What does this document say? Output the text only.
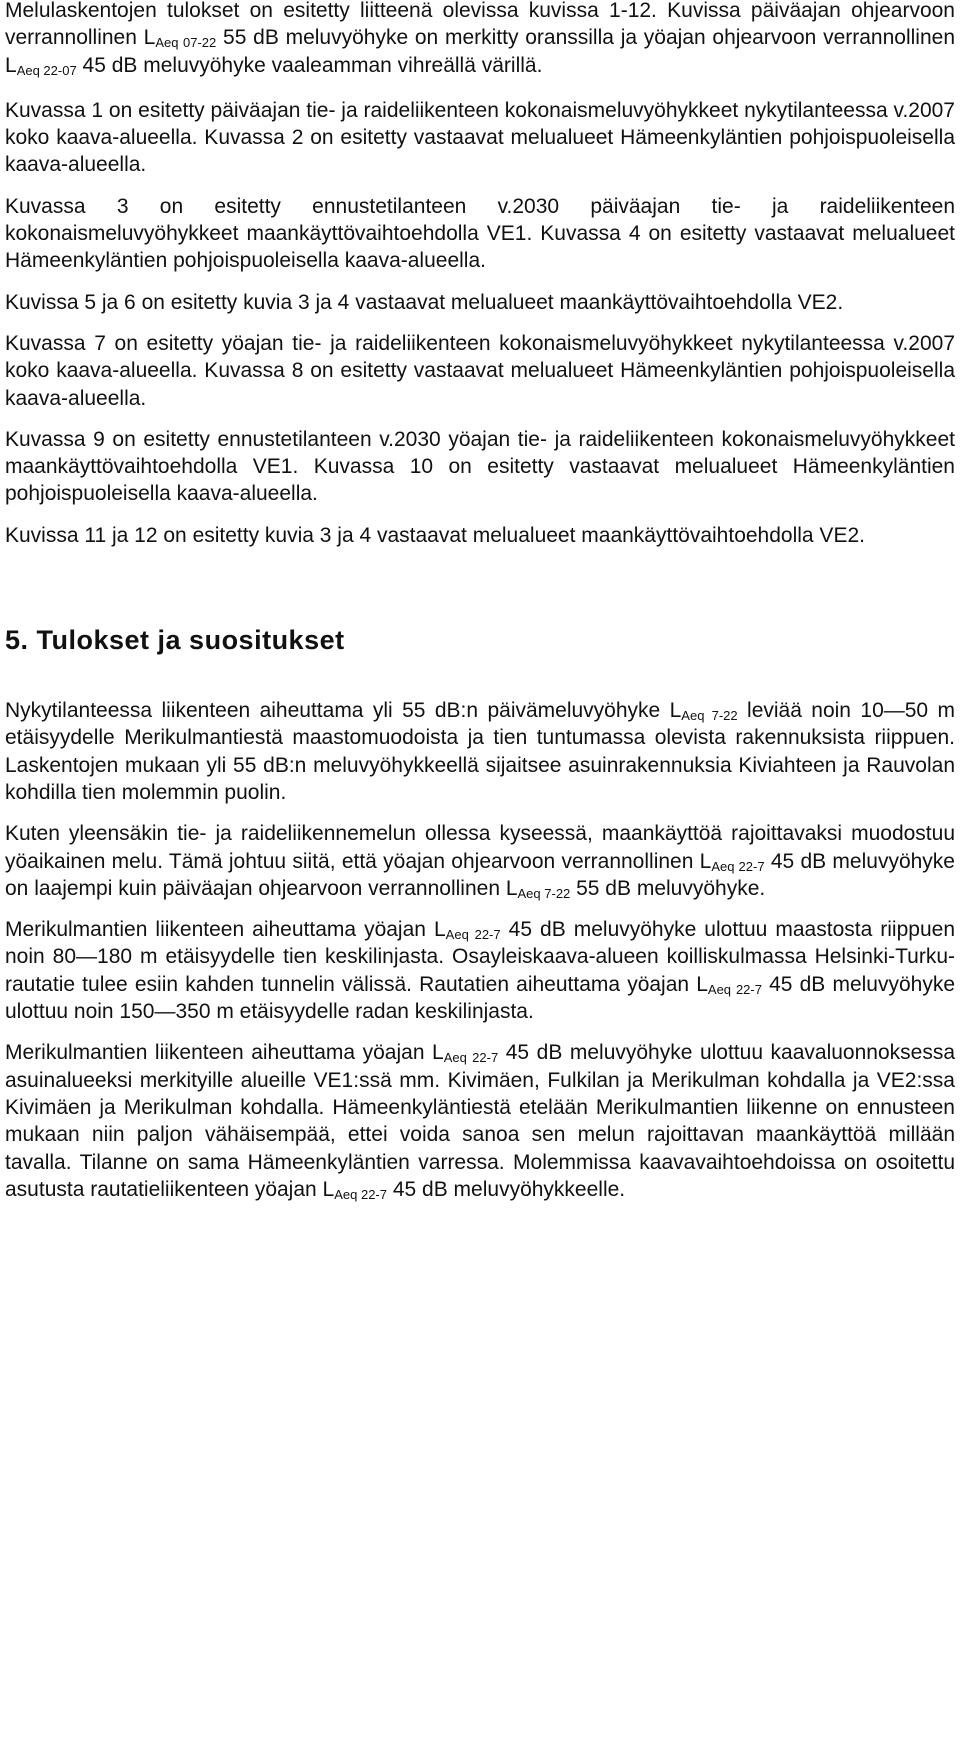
Melulaskentojen tulokset on esitetty liitteenä olevissa kuvissa 1-12. Kuvissa päiväajan ohjearvoon verrannollinen $L_{Aeq 07-22}$ 55 dB meluvyöhyke on merkitty oranssilla ja yöajan ohjearvoon verrannollinen $L_{Aeq 22-07}$ 45 dB meluvyöhyke vaaleamman vihreällä värillä.

Kuvassa 1 on esitetty päiväajan tie- ja raideliikenteen kokonaismeluvyöhykkeet nykytilanteessa v.2007 koko kaava-alueella. Kuvassa 2 on esitetty vastaavat melualueet Hämeenkyläntien pohjoispuoleisella kaava-alueella.

Kuvassa 3 on esitetty ennustetilanteen v.2030 päiväajan tie- ja raideliikenteen kokonaismeluvyöhykkeet maankäyttövaihtoehdolla VE1. Kuvassa 4 on esitetty vastaavat melualueet Hämeenkyläntien pohjoispuoleisella kaava-alueella.

Kuvissa 5 ja 6 on esitetty kuvia 3 ja 4 vastaavat melualueet maankäyttövaihtoehdolla VE2.

Kuvassa 7 on esitetty yöajan tie- ja raideliikenteen kokonaismeluvyöhykkeet nykytilanteessa v.2007 koko kaava-alueella. Kuvassa 8 on esitetty vastaavat melualueet Hämeenkyläntien pohjoispuoleisella kaava-alueella.

Kuvassa 9 on esitetty ennustetilanteen v.2030 yöajan tie- ja raideliikenteen kokonaismeluvyöhykkeet maankäyttövaihtoehdolla VE1. Kuvassa 10 on esitetty vastaavat melualueet Hämeenkyläntien pohjoispuoleisella kaava-alueella.

Kuvissa 11 ja 12 on esitetty kuvia 3 ja 4 vastaavat melualueet maankäyttövaihtoehdolla VE2.

5. Tulokset ja suositukset

Nykytilanteessa liikenteen aiheuttama yli 55 dB:n päivämeluvyöhyke $L_{Aeq 7-22}$ leviää noin 10—50 m etäisyydelle Merikulmantiestä maastomuodoista ja tien tuntumassa olevista rakennuksista riippuen. Laskentojen mukaan yli 55 dB:n meluvyöhykkeellä sijaitsee asuinrakennuksia Kiviahteen ja Rauvolan kohdilla tien molemmin puolin.

Kuten yleensäkin tie- ja raideliikennemelun ollessa kyseessä, maankäyttöä rajoittavaksi muodostuu yöaikainen melu. Tämä johtuu siitä, että yöajan ohjearvoon verrannollinen $L_{Aeq 22-7}$ 45 dB meluvyöhyke on laajempi kuin päiväajan ohjearvoon verrannollinen $L_{Aeq 7-22}$ 55 dB meluvyöhyke.

Merikulmantien liikenteen aiheuttama yöajan $L_{Aeq 22-7}$ 45 dB meluvyöhyke ulottuu maastosta riippuen noin 80—180 m etäisyydelle tien keskilinjasta. Osayleiskaava-alueen koilliskulmassa Helsinki-Turku-rautatie tulee esiin kahden tunnelin välissä. Rautatien aiheuttama yöajan $L_{Aeq 22-7}$ 45 dB meluvyöhyke ulottuu noin 150—350 m etäisyydelle radan keskilinjasta.

Merikulmantien liikenteen aiheuttama yöajan $L_{Aeq 22-7}$ 45 dB meluvyöhyke ulottuu kaavaluonnoksessa asuinalueeksi merkityille alueille VE1:ssä mm. Kivimäen, Fulkilan ja Merikulman kohdalla ja VE2:ssa Kivimäen ja Merikulman kohdalla. Hämeenkyläntiestä etelään Merikulmantien liikenne on ennusteen mukaan niin paljon vähäisempää, ettei voida sanoa sen melun rajoittavan maankäyttöä millään tavalla. Tilanne on sama Hämeenkyläntien varressa. Molemmissa kaavavaihtoehdoissa on osoitettu asutusta rautatieliikenteen yöajan $L_{Aeq 22-7}$ 45 dB meluvyöhykkeelle.
